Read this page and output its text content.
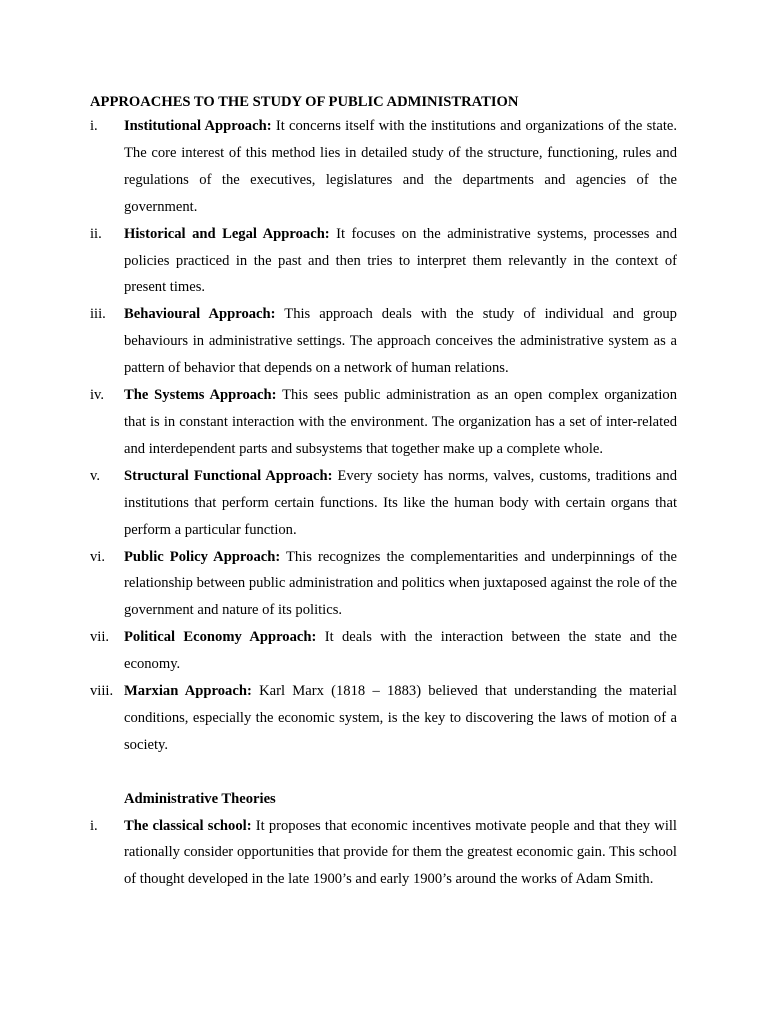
APPROACHES TO THE STUDY OF PUBLIC ADMINISTRATION

i. Institutional Approach: It concerns itself with the institutions and organizations of the state. The core interest of this method lies in detailed study of the structure, functioning, rules and regulations of the executives, legislatures and the departments and agencies of the government.
ii. Historical and Legal Approach: It focuses on the administrative systems, processes and policies practiced in the past and then tries to interpret them relevantly in the context of present times.
iii. Behavioural Approach: This approach deals with the study of individual and group behaviours in administrative settings. The approach conceives the administrative system as a pattern of behavior that depends on a network of human relations.
iv. The Systems Approach: This sees public administration as an open complex organization that is in constant interaction with the environment. The organization has a set of inter-related and interdependent parts and subsystems that together make up a complete whole.
v. Structural Functional Approach: Every society has norms, valves, customs, traditions and institutions that perform certain functions. Its like the human body with certain organs that perform a particular function.
vi. Public Policy Approach: This recognizes the complementarities and underpinnings of the relationship between public administration and politics when juxtaposed against the role of the government and nature of its politics.
vii. Political Economy Approach: It deals with the interaction between the state and the economy.
viii. Marxian Approach: Karl Marx (1818 – 1883) believed that understanding the material conditions, especially the economic system, is the key to discovering the laws of motion of a society.
Administrative Theories
i. The classical school: It proposes that economic incentives motivate people and that they will rationally consider opportunities that provide for them the greatest economic gain. This school of thought developed in the late 1900’s and early 1900’s around the works of Adam Smith.
